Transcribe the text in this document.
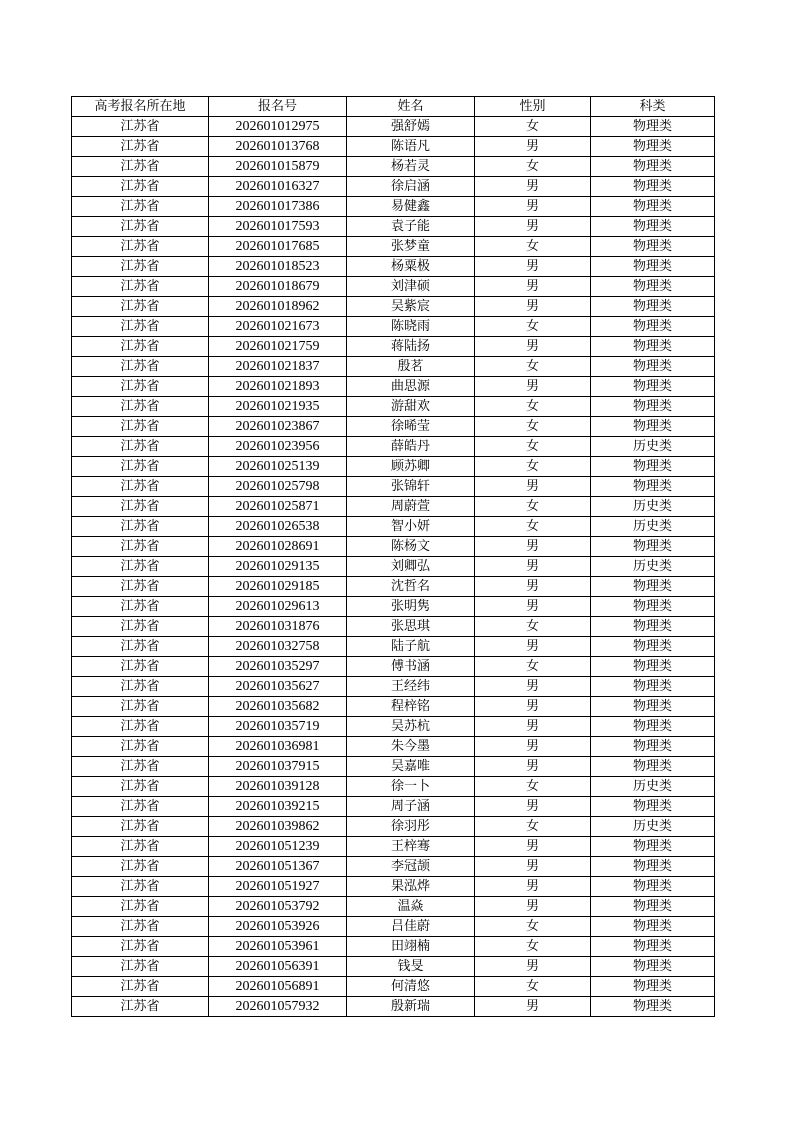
高考报名所在地	报名号	姓名	性别	科类
江苏省	202601012975	强舒嫣	女	物理类
江苏省	202601013768	陈语凡	男	物理类
江苏省	202601015879	杨若灵	女	物理类
江苏省	202601016327	徐启涵	男	物理类
江苏省	202601017386	易健鑫	男	物理类
江苏省	202601017593	袁子能	男	物理类
江苏省	202601017685	张梦童	女	物理类
江苏省	202601018523	杨粟极	男	物理类
江苏省	202601018679	刘津硕	男	物理类
江苏省	202601018962	吴紫宸	男	物理类
江苏省	202601021673	陈晓雨	女	物理类
江苏省	202601021759	蒋陆扬	男	物理类
江苏省	202601021837	殷茗	女	物理类
江苏省	202601021893	曲思源	男	物理类
江苏省	202601021935	游甜欢	女	物理类
江苏省	202601023867	徐晞莹	女	物理类
江苏省	202601023956	薛皓丹	女	历史类
江苏省	202601025139	顾苏卿	女	物理类
江苏省	202601025798	张锦轩	男	物理类
江苏省	202601025871	周蔚萱	女	历史类
江苏省	202601026538	智小妍	女	历史类
江苏省	202601028691	陈杨文	男	物理类
江苏省	202601029135	刘卿弘	男	历史类
江苏省	202601029185	沈哲名	男	物理类
江苏省	202601029613	张明隽	男	物理类
江苏省	202601031876	张思琪	女	物理类
江苏省	202601032758	陆子航	男	物理类
江苏省	202601035297	傅书涵	女	物理类
江苏省	202601035627	王经纬	男	物理类
江苏省	202601035682	程梓铭	男	物理类
江苏省	202601035719	吴苏杭	男	物理类
江苏省	202601036981	朱今墨	男	物理类
江苏省	202601037915	吴嘉唯	男	物理类
江苏省	202601039128	徐一卜	女	历史类
江苏省	202601039215	周子涵	男	物理类
江苏省	202601039862	徐羽彤	女	历史类
江苏省	202601051239	王梓骞	男	物理类
江苏省	202601051367	李冠颉	男	物理类
江苏省	202601051927	果泓烨	男	物理类
江苏省	202601053792	温焱	男	物理类
江苏省	202601053926	吕佳蔚	女	物理类
江苏省	202601053961	田翊楠	女	物理类
江苏省	202601056391	钱旻	男	物理类
江苏省	202601056891	何清悠	女	物理类
江苏省	202601057932	殷新瑞	男	物理类
